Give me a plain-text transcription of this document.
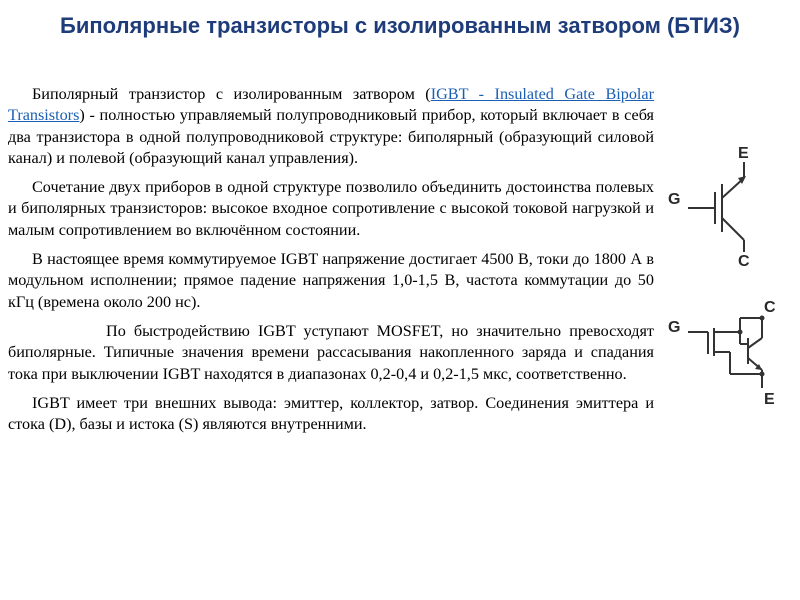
Биполярные транзисторы с изолированным затвором (БТИЗ)

Биполярный транзистор с изолированным затвором (IGBT - Insulated Gate Bipolar Transistors) - полностью управляемый полупроводниковый прибор, который включает в себя два транзистора в одной полупроводниковой структуре: биполярный (образующий силовой канал) и полевой (образующий канал управления).

Сочетание двух приборов в одной структуре позволило объединить достоинства полевых и биполярных транзисторов: высокое входное сопротивление с высокой токовой нагрузкой и малым сопротивлением во включённом состоянии.

В настоящее время коммутируемое IGBT напряжение достигает 4500 В, токи до 1800 А в модульном исполнении; прямое падение напряжения 1,0-1,5 В, частота коммутации до 50 кГц (времена около 200 нс).

По быстродействию IGBT уступают MOSFET, но значительно превосходят биполярные. Типичные значения времени рассасывания накопленного заряда и спадания тока при выключении IGBT находятся в диапазонах 0,2-0,4 и 0,2-1,5 мкс, соответственно.

IGBT имеет три внешних вывода: эмиттер, коллектор, затвор. Соединения эмиттера и стока (D), базы и истока (S) являются внутренними.

E
G
C
C
G
E
